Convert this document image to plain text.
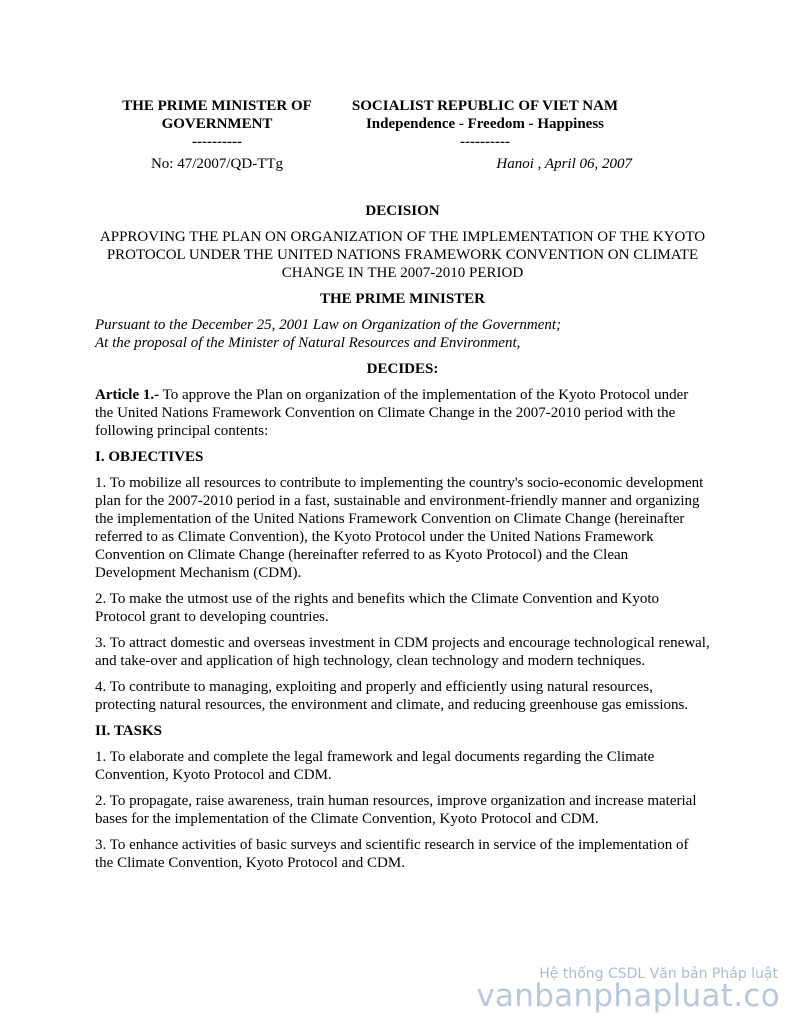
THE PRIME MINISTER OF
GOVERNMENT
----------
SOCIALIST REPUBLIC OF VIET NAM
Independence - Freedom - Happiness
----------
No: 47/2007/QD-TTg	Hanoi , April 06, 2007
DECISION
APPROVING THE PLAN ON ORGANIZATION OF THE IMPLEMENTATION OF THE KYOTO PROTOCOL UNDER THE UNITED NATIONS FRAMEWORK CONVENTION ON CLIMATE CHANGE IN THE 2007-2010 PERIOD
THE PRIME MINISTER
Pursuant to the December 25, 2001 Law on Organization of the Government;
At the proposal of the Minister of Natural Resources and Environment,
DECIDES:

Article 1.- To approve the Plan on organization of the implementation of the Kyoto Protocol under the United Nations Framework Convention on Climate Change in the 2007-2010 period with the following principal contents:

I. OBJECTIVES

1. To mobilize all resources to contribute to implementing the country's socio-economic development plan for the 2007-2010 period in a fast, sustainable and environment-friendly manner and organizing the implementation of the United Nations Framework Convention on Climate Change (hereinafter referred to as Climate Convention), the Kyoto Protocol under the United Nations Framework Convention on Climate Change (hereinafter referred to as Kyoto Protocol) and the Clean Development Mechanism (CDM).

2. To make the utmost use of the rights and benefits which the Climate Convention and Kyoto Protocol grant to developing countries.

3. To attract domestic and overseas investment in CDM projects and encourage technological renewal, and take-over and application of high technology, clean technology and modern techniques.

4. To contribute to managing, exploiting and properly and efficiently using natural resources, protecting natural resources, the environment and climate, and reducing greenhouse gas emissions.

II. TASKS

1. To elaborate and complete the legal framework and legal documents regarding the Climate Convention, Kyoto Protocol and CDM.

2. To propagate, raise awareness, train human resources, improve organization and increase material bases for the implementation of the Climate Convention, Kyoto Protocol and CDM.

3. To enhance activities of basic surveys and scientific research in service of the implementation of the Climate Convention, Kyoto Protocol and CDM.

Hệ thống CSDL Văn bản Pháp luật
vanbanphapluat.co
